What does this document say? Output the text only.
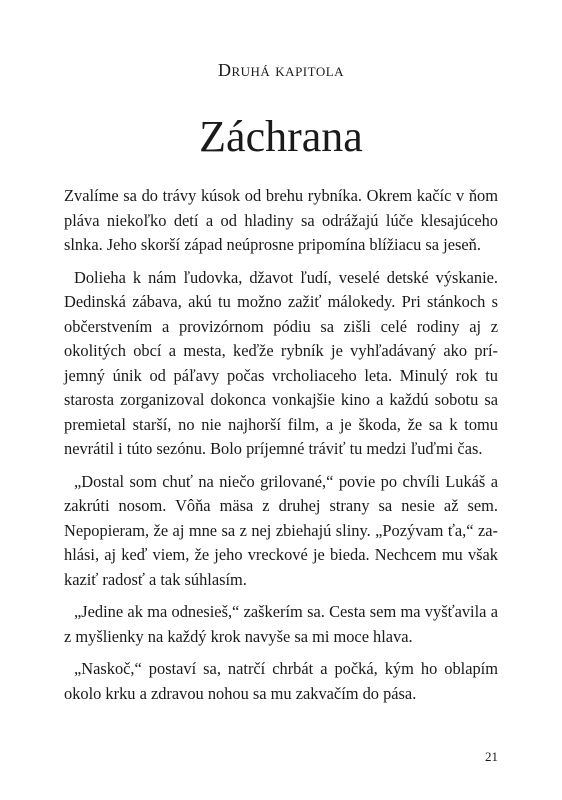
Druhá kapitola
Záchrana

Zvalíme sa do trávy kúsok od brehu rybníka. Okrem kačíc v ňom pláva niekoľko detí a od hladiny sa odrážajú lúče klesajúceho slnka. Jeho skorší západ neúprosne pripomína blížiacu sa jeseň.

Dolieha k nám ľudovka, džavot ľudí, veselé detské výskanie. Dedinská zábava, akú tu možno zažiť málokedy. Pri stánkoch s občerstvením a provizórnom pódiu sa zišli celé rodiny aj z okolitých obcí a mesta, keďže rybník je vyhľadávaný ako príjemný únik od páľavy počas vrcholiaceho leta. Minulý rok tu starosta zorganizoval dokonca vonkajšie kino a každú sobotu sa premietal starší, no nie najhorší film, a je škoda, že sa k tomu nevrátil i túto sezónu. Bolo príjemné tráviť tu medzi ľuďmi čas.

„Dostal som chuť na niečo grilované,“ povie po chvíli Lukáš a zakrúti nosom. Vôňa mäsa z druhej strany sa nesie až sem. Nepopieram, že aj mne sa z nej zbiehajú sliny. „Pozývam ťa,“ zahlási, aj keď viem, že jeho vreckové je bieda. Nechcem mu však kaziť radosť a tak súhlasím.

„Jedine ak ma odnesieš,“ zaškerím sa. Cesta sem ma vyšťavila a z myšlienky na každý krok navyše sa mi moce hlava.

„Naskoč,“ postaví sa, natrčí chrbát a počká, kým ho oblapím okolo krku a zdravou nohou sa mu zakvačím do pása.

21
